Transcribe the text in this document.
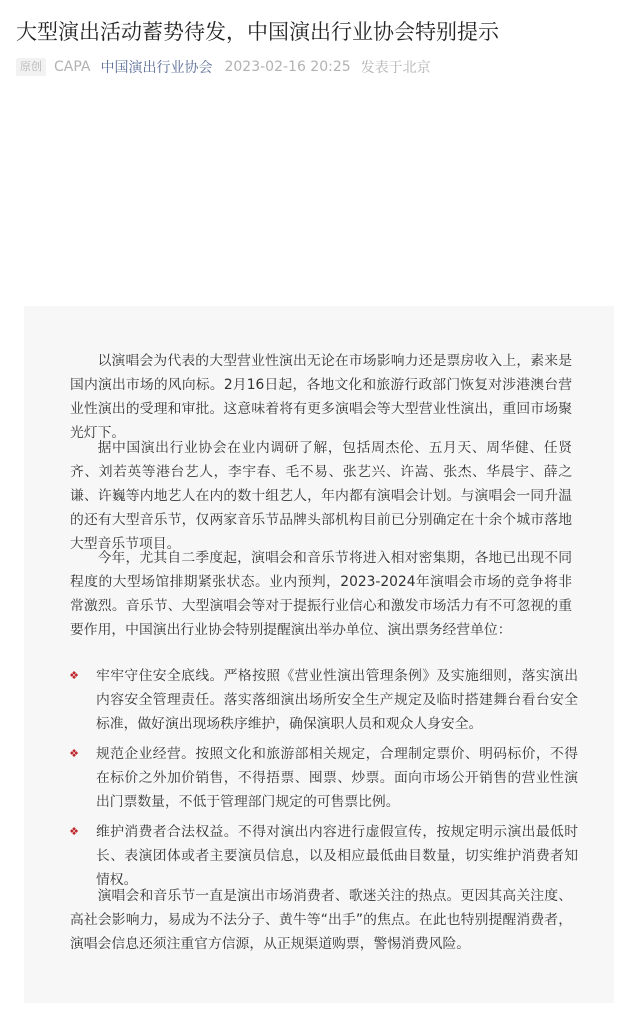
大型演出活动蓄势待发，中国演出行业协会特别提示
原创 CAPA 中国演出行业协会 2023-02-16 20:25 发表于北京

以演唱会为代表的大型营业性演出无论在市场影响力还是票房收入上，素来是国内演出市场的风向标。2月16日起，各地文化和旅游行政部门恢复对涉港澳台营业性演出的受理和审批。这意味着将有更多演唱会等大型营业性演出，重回市场聚光灯下。

据中国演出行业协会在业内调研了解，包括周杰伦、五月天、周华健、任贤齐、刘若英等港台艺人，李宇春、毛不易、张艺兴、许嵩、张杰、华晨宇、薛之谦、许巍等内地艺人在内的数十组艺人，年内都有演唱会计划。与演唱会一同升温的还有大型音乐节，仅两家音乐节品牌头部机构目前已分别确定在十余个城市落地大型音乐节项目。

今年，尤其自二季度起，演唱会和音乐节将进入相对密集期，各地已出现不同程度的大型场馆排期紧张状态。业内预判，2023-2024年演唱会市场的竞争将非常激烈。音乐节、大型演唱会等对于提振行业信心和激发市场活力有不可忽视的重要作用，中国演出行业协会特别提醒演出举办单位、演出票务经营单位：

❖ 牢牢守住安全底线。严格按照《营业性演出管理条例》及实施细则，落实演出内容安全管理责任。落实落细演出场所安全生产规定及临时搭建舞台看台安全标准，做好演出现场秩序维护，确保演职人员和观众人身安全。
❖ 规范企业经营。按照文化和旅游部相关规定，合理制定票价、明码标价，不得在标价之外加价销售，不得捂票、囤票、炒票。面向市场公开销售的营业性演出门票数量，不低于管理部门规定的可售票比例。
❖ 维护消费者合法权益。不得对演出内容进行虚假宣传，按规定明示演出最低时长、表演团体或者主要演员信息，以及相应最低曲目数量，切实维护消费者知情权。

演唱会和音乐节一直是演出市场消费者、歌迷关注的热点。更因其高关注度、高社会影响力，易成为不法分子、黄牛等“出手”的焦点。在此也特别提醒消费者，演唱会信息还须注重官方信源，从正规渠道购票，警惕消费风险。
